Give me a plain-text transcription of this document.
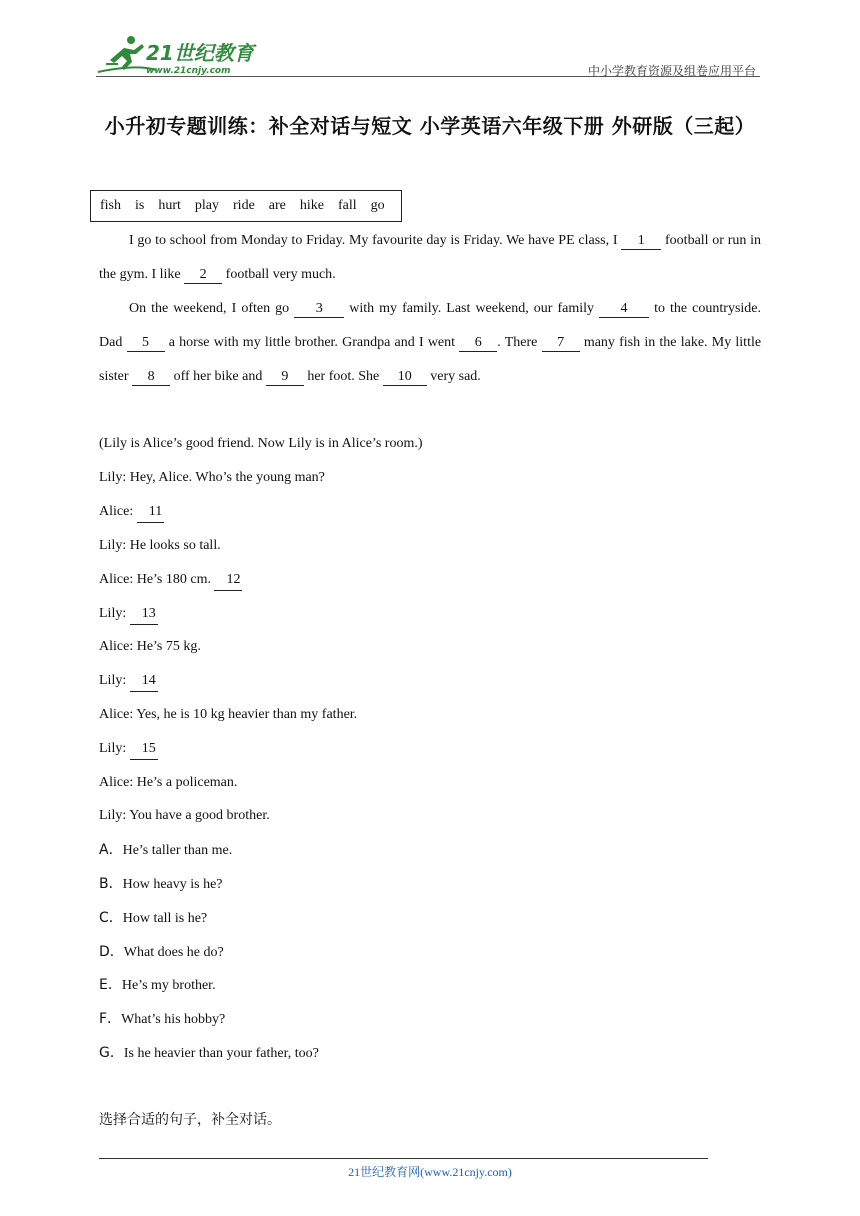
21世纪教育
www.21cnjy.com	中小学教育资源及组卷应用平台
小升初专题训练：补全对话与短文 小学英语六年级下册 外研版（三起）
fish is hurt play ride are hike fall go
I go to school from Monday to Friday. My favourite day is Friday. We have PE class, I 1 football or run in the gym. I like 2 football very much.
On the weekend, I often go 3 with my family. Last weekend, our family 4 to the countryside. Dad 5 a horse with my little brother. Grandpa and I went 6 . There 7 many fish in the lake. My little sister 8 off her bike and 9 her foot. She 10 very sad.
(Lily is Alice’s good friend. Now Lily is in Alice’s room.)
Lily: Hey, Alice. Who’s the young man?
Alice: 11
Lily: He looks so tall.
Alice: He’s 180 cm. 12
Lily: 13
Alice: He’s 75 kg.
Lily: 14
Alice: Yes, he is 10 kg heavier than my father.
Lily: 15
Alice: He’s a policeman.
Lily: You have a good brother.
A．He’s taller than me.
B．How heavy is he?
C．How tall is he?
D．What does he do?
E．He’s my brother.
F．What’s his hobby?
G．Is he heavier than your father, too?
选择合适的句子，补全对话。
21世纪教育网(www.21cnjy.com)
